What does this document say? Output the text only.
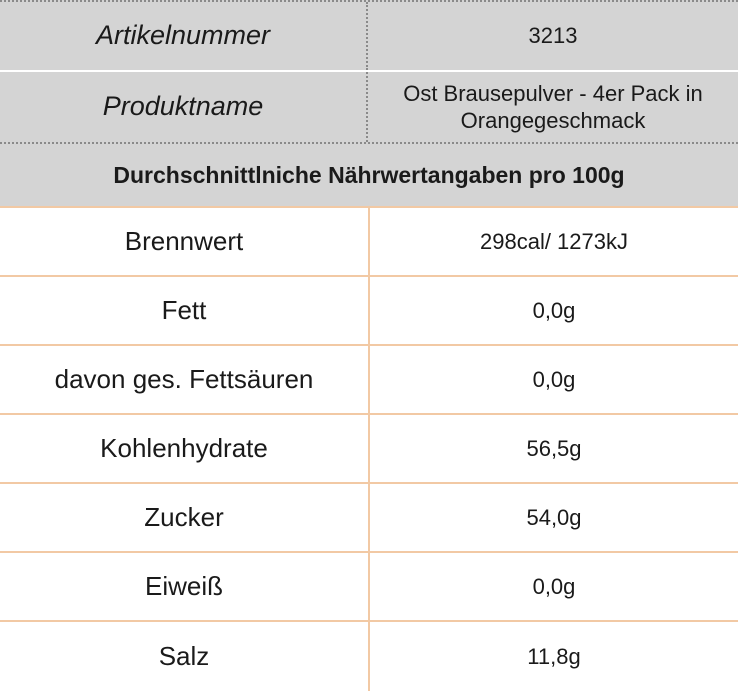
Artikelnummer	3213
Produktname	Ost Brausepulver - 4er Pack in Orangegeschmack
Durchschnittlniche Nährwertangaben pro 100g
Brennwert	298cal/ 1273kJ
Fett	0,0g
davon ges. Fettsäuren	0,0g
Kohlenhydrate	56,5g
Zucker	54,0g
Eiweiß	0,0g
Salz	11,8g
